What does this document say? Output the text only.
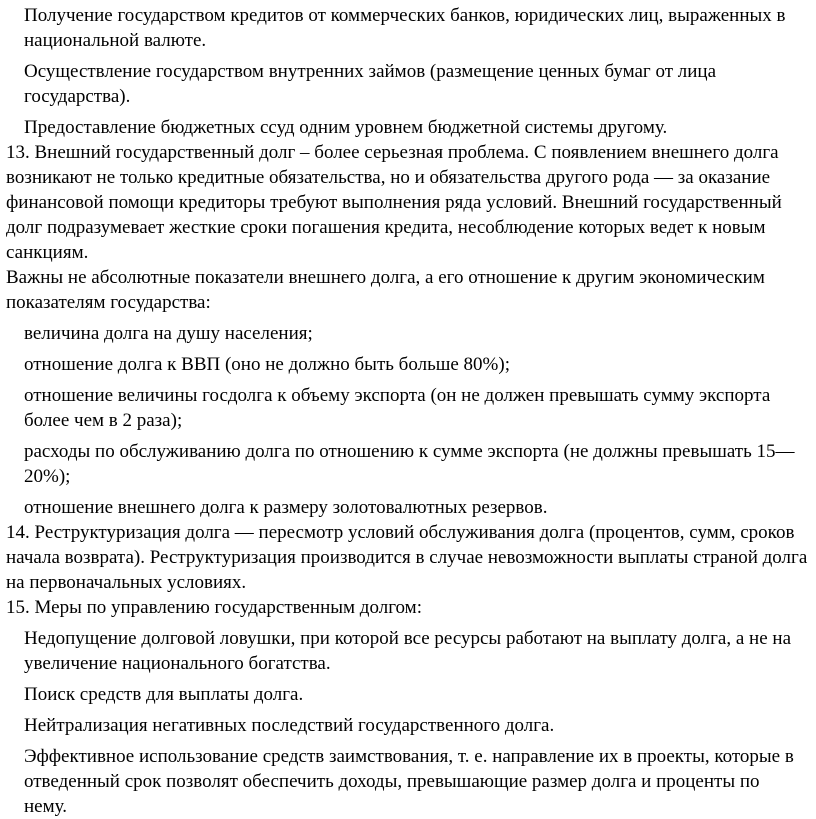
Получение государством кредитов от коммерческих банков, юридических лиц, выраженных в национальной валюте.

Осуществление государством внутренних займов (размещение ценных бумаг от лица государства).

Предоставление бюджетных ссуд одним уровнем бюджетной системы другому.

13. Внешний государственный долг – более серьезная проблема. С появлением внешнего долга возникают не только кредитные обязательства, но и обязательства другого рода — за оказание финансовой помощи кредиторы требуют выполнения ряда условий. Внешний государственный долг подразумевает жесткие сроки погашения кредита, несоблюдение которых ведет к новым санкциям.

Важны не абсолютные показатели внешнего долга, а его отношение к другим экономическим показателям государства:

величина долга на душу населения;

отношение долга к ВВП (оно не должно быть больше 80%);

отношение величины госдолга к объему экспорта (он не должен превышать сумму экспорта более чем в 2 раза);

расходы по обслуживанию долга по отношению к сумме экспорта (не должны превышать 15—20%);

отношение внешнего долга к размеру золотовалютных резервов.

14. Реструктуризация долга — пересмотр условий обслуживания долга (процентов, сумм, сроков начала возврата). Реструктуризация производится в случае невозможности выплаты страной долга на первоначальных условиях.

15. Меры по управлению государственным долгом:

Недопущение долговой ловушки, при которой все ресурсы работают на выплату долга, а не на увеличение национального богатства.

Поиск средств для выплаты долга.

Нейтрализация негативных последствий государственного долга.

Эффективное использование средств заимствования, т. е. направление их в проекты, которые в отведенный срок позволят обеспечить доходы, превышающие размер долга и проценты по нему.
